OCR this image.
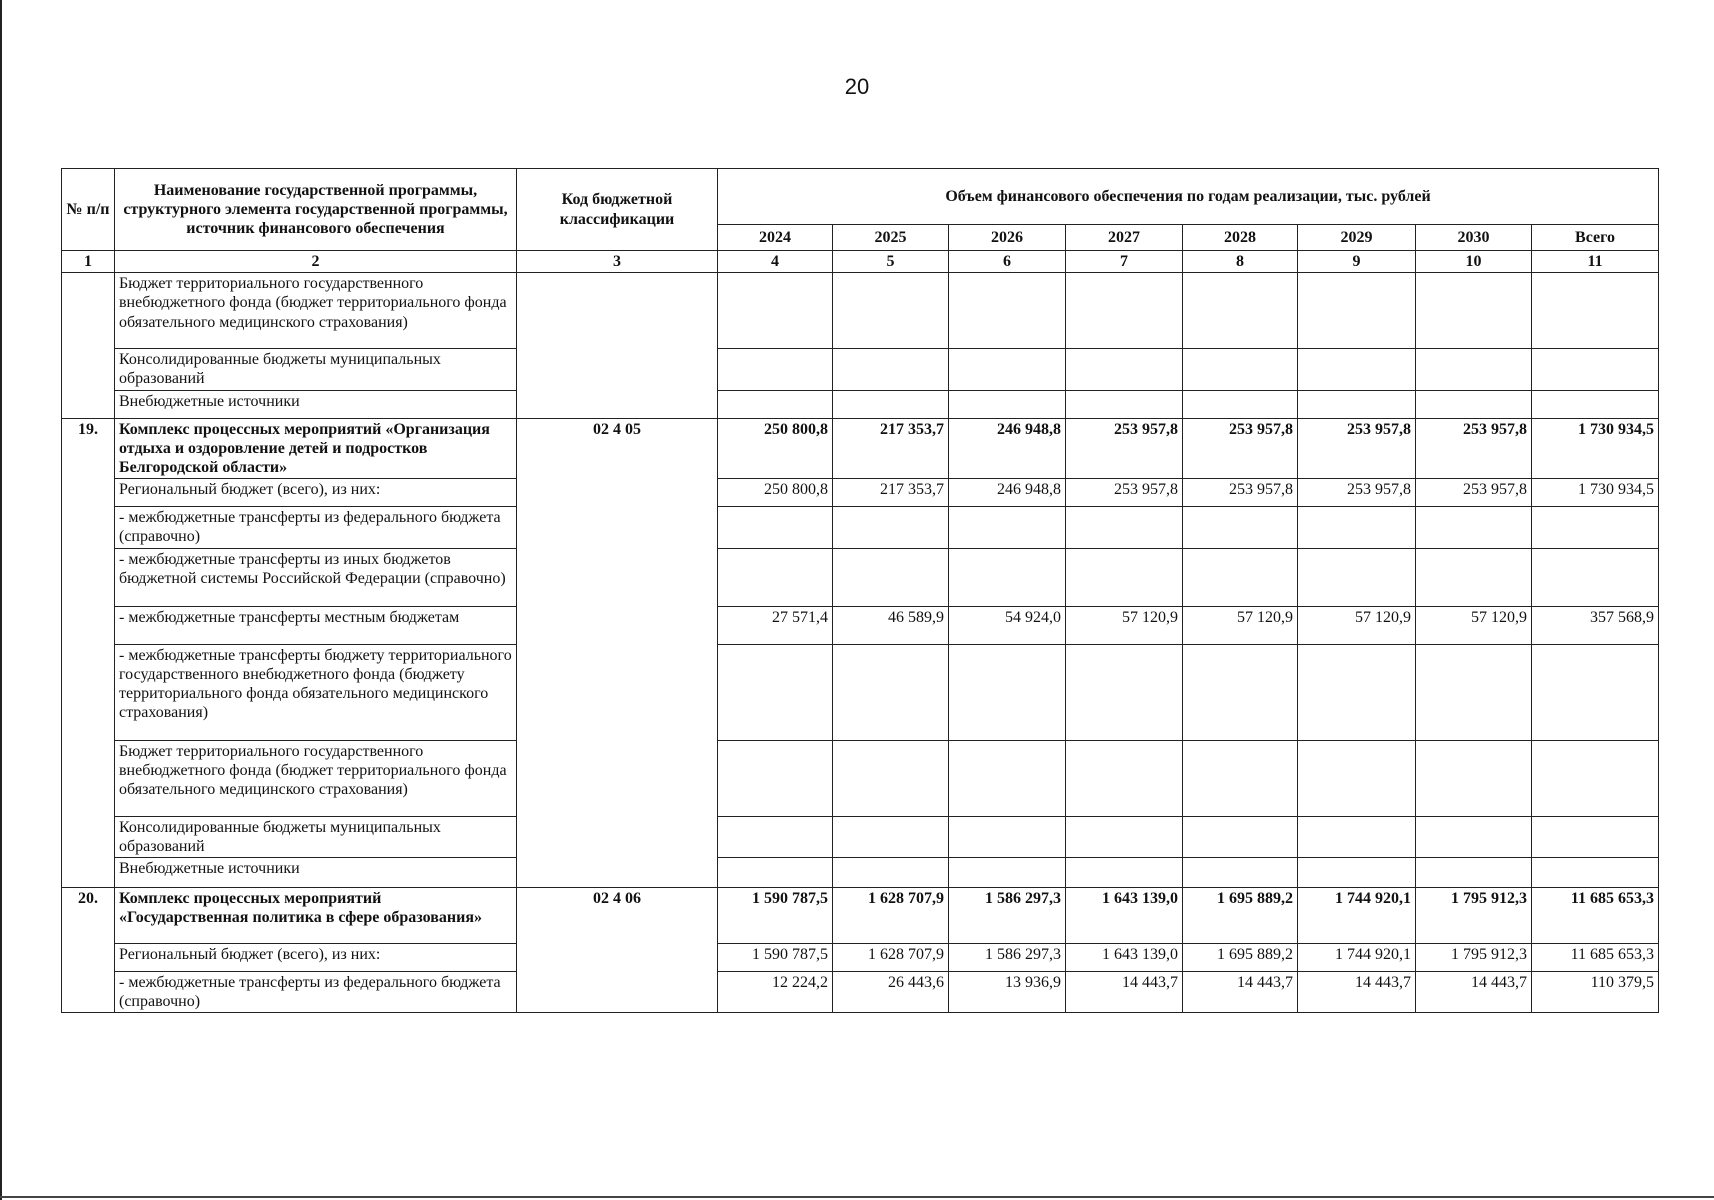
20
№ п/п	Наименование государственной программы, структурного элемента государственной программы, источник финансового обеспечения	Код бюджетной классификации	Объем финансового обеспечения по годам реализации, тыс. рублей							
			2024	2025	2026	2027	2028	2029	2030	Всего
1	2	3	4	5	6	7	8	9	10	11
	Бюджет территориального государственного внебюджетного фонда (бюджет территориального фонда обязательного медицинского страхования)									
	Консолидированные бюджеты муниципальных образований									
	Внебюджетные источники									
19.	Комплекс процессных мероприятий «Организация отдыха и оздоровление детей и подростков Белгородской области»	02 4 05	250 800,8	217 353,7	246 948,8	253 957,8	253 957,8	253 957,8	253 957,8	1 730 934,5
	Региональный бюджет (всего), из них:		250 800,8	217 353,7	246 948,8	253 957,8	253 957,8	253 957,8	253 957,8	1 730 934,5
	- межбюджетные трансферты из федерального бюджета (справочно)									
	- межбюджетные трансферты из иных бюджетов бюджетной системы Российской Федерации (справочно)									
	- межбюджетные трансферты местным бюджетам		27 571,4	46 589,9	54 924,0	57 120,9	57 120,9	57 120,9	57 120,9	357 568,9
	- межбюджетные трансферты бюджету территориального государственного внебюджетного фонда (бюджету территориального фонда обязательного медицинского страхования)									
	Бюджет территориального государственного внебюджетного фонда (бюджет территориального фонда обязательного медицинского страхования)									
	Консолидированные бюджеты муниципальных образований									
	Внебюджетные источники									
20.	Комплекс процессных мероприятий «Государственная политика в сфере образования»	02 4 06	1 590 787,5	1 628 707,9	1 586 297,3	1 643 139,0	1 695 889,2	1 744 920,1	1 795 912,3	11 685 653,3
	Региональный бюджет (всего), из них:		1 590 787,5	1 628 707,9	1 586 297,3	1 643 139,0	1 695 889,2	1 744 920,1	1 795 912,3	11 685 653,3
	- межбюджетные трансферты из федерального бюджета (справочно)		12 224,2	26 443,6	13 936,9	14 443,7	14 443,7	14 443,7	14 443,7	110 379,5
